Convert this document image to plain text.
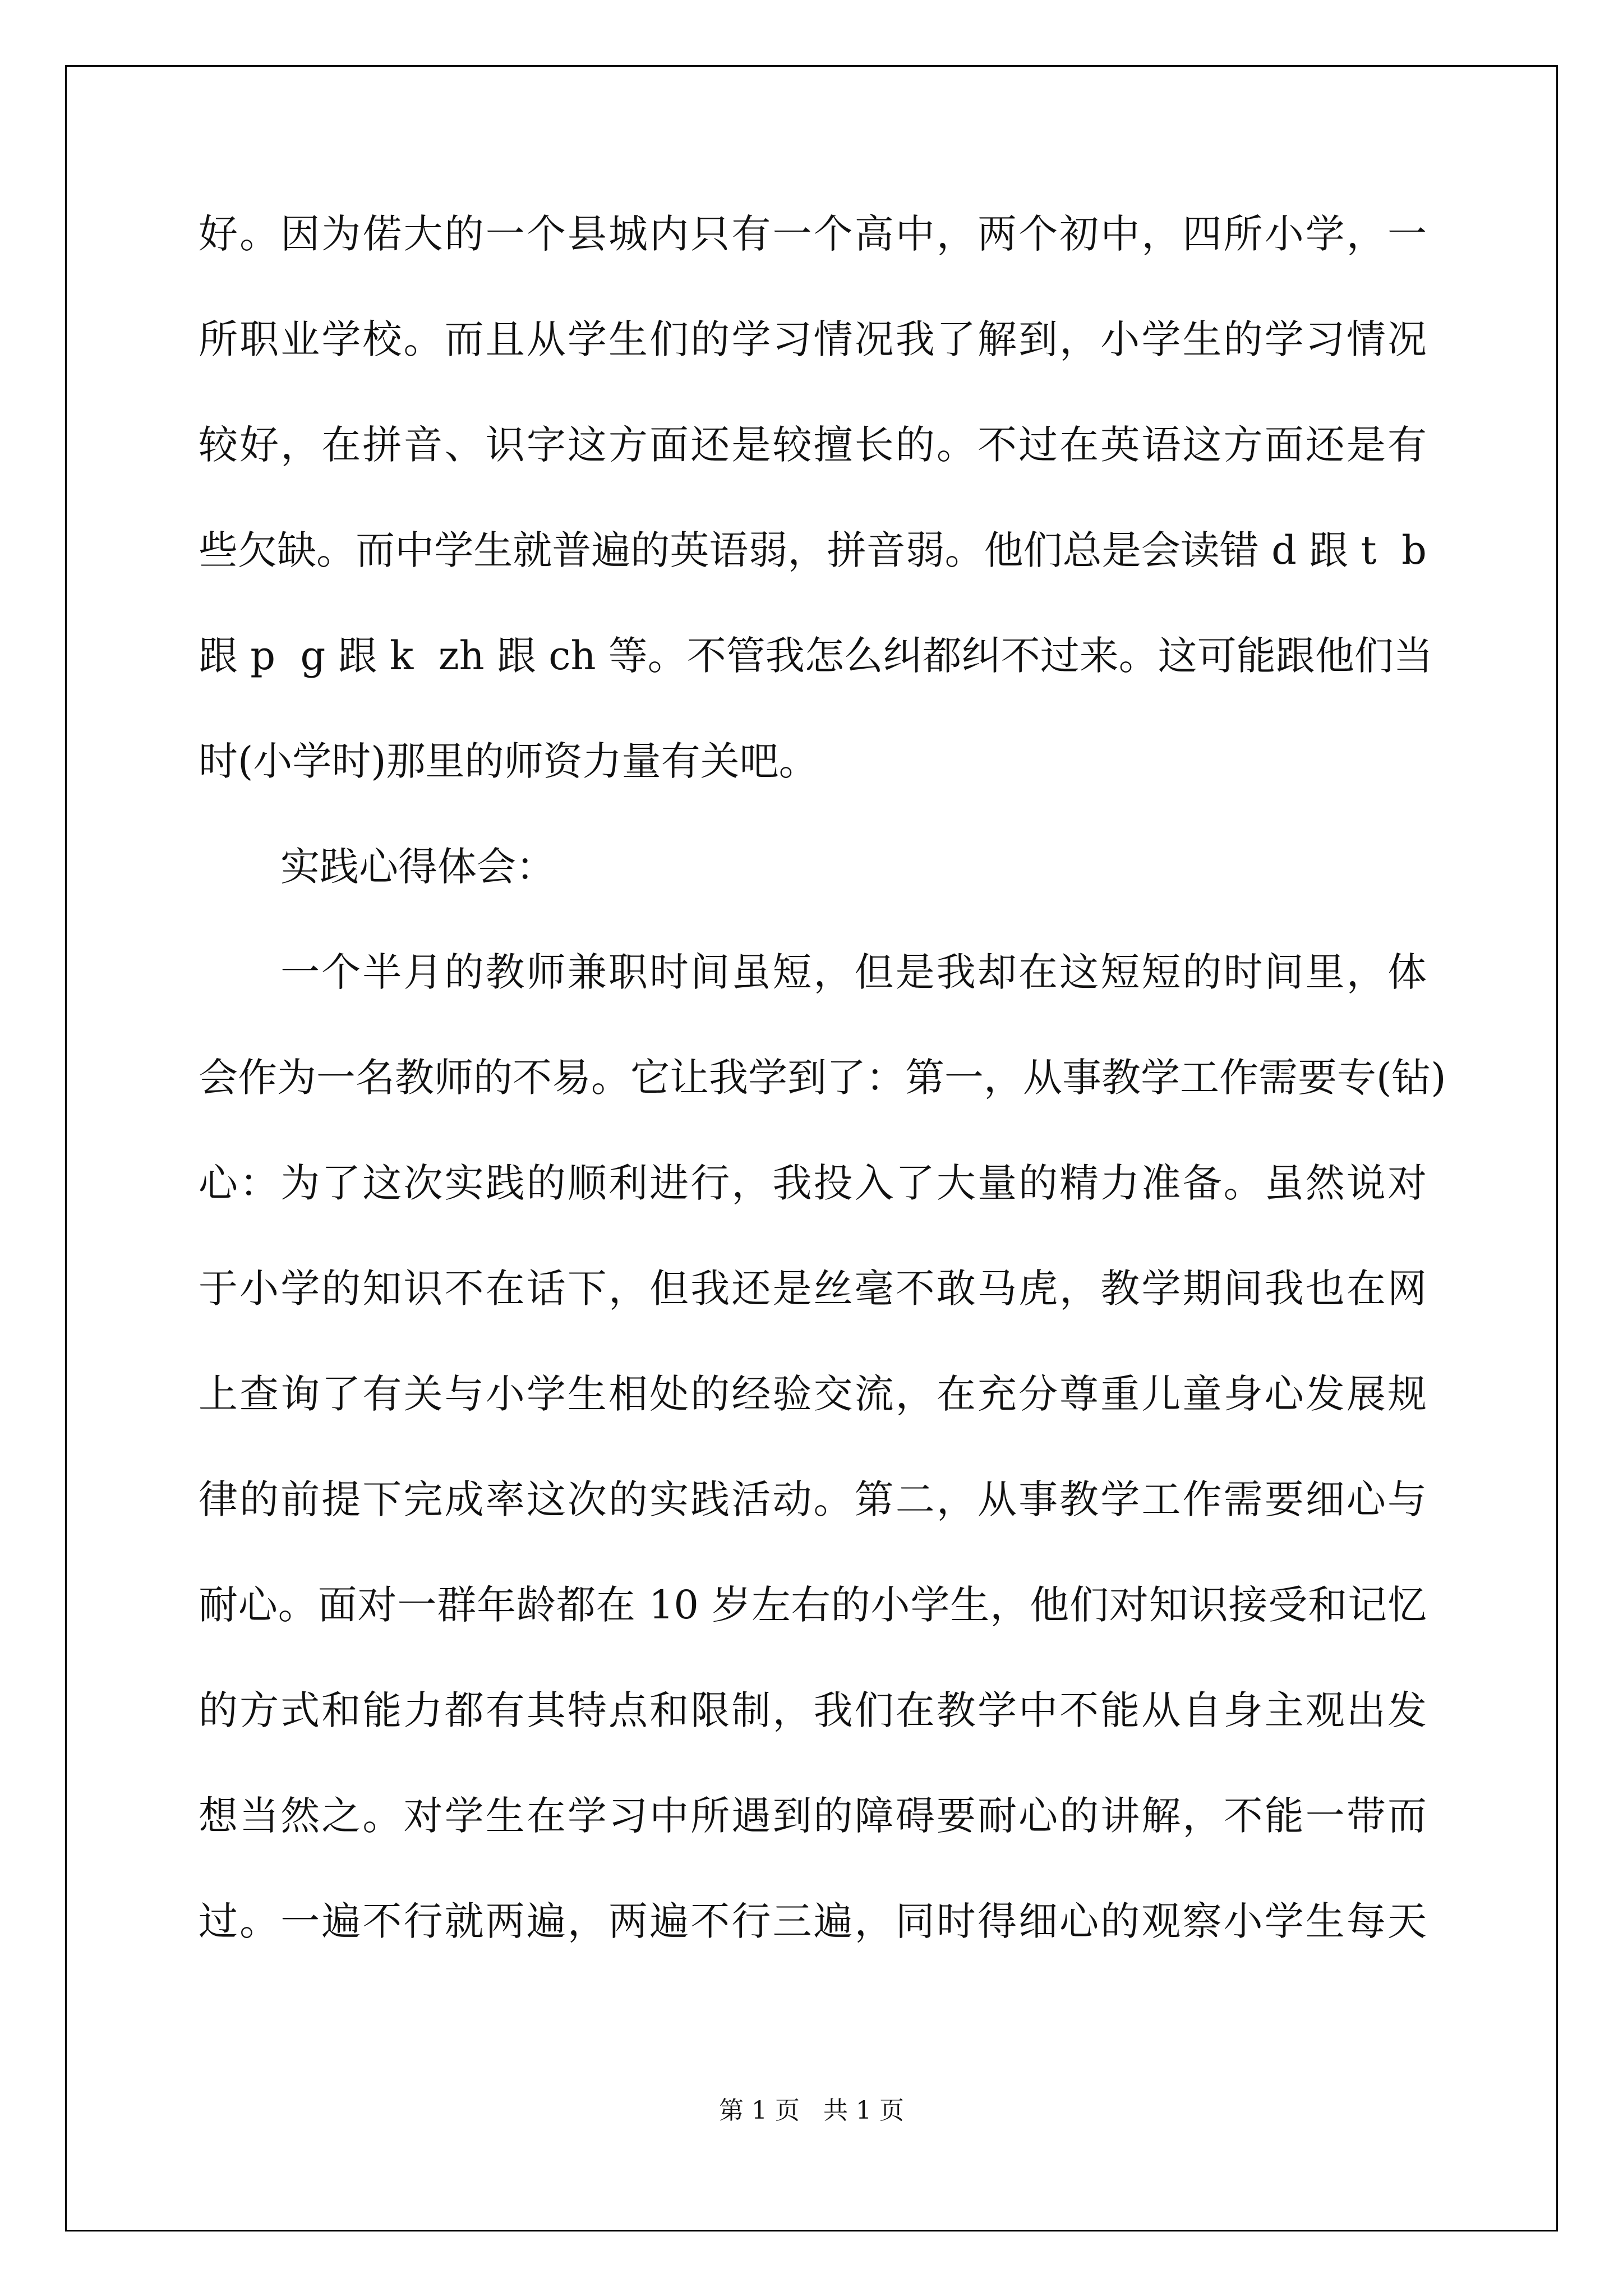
好。因为偌大的一个县城内只有一个高中，两个初中，四所小学，一
所职业学校。而且从学生们的学习情况我了解到，小学生的学习情况
较好，在拼音、识字这方面还是较擅长的。不过在英语这方面还是有
些欠缺。而中学生就普遍的英语弱，拼音弱。他们总是会读错 d 跟 t  b
跟 p  g 跟 k  zh 跟 ch 等。不管我怎么纠都纠不过来。这可能跟他们当
时(小学时)那里的师资力量有关吧。
实践心得体会：
一个半月的教师兼职时间虽短，但是我却在这短短的时间里，体
会作为一名教师的不易。它让我学到了：第一，从事教学工作需要专(钻)
心：为了这次实践的顺利进行，我投入了大量的精力准备。虽然说对
于小学的知识不在话下，但我还是丝毫不敢马虎，教学期间我也在网
上查询了有关与小学生相处的经验交流，在充分尊重儿童身心发展规
律的前提下完成率这次的实践活动。第二，从事教学工作需要细心与
耐心。面对一群年龄都在 10 岁左右的小学生，他们对知识接受和记忆
的方式和能力都有其特点和限制，我们在教学中不能从自身主观出发
想当然之。对学生在学习中所遇到的障碍要耐心的讲解，不能一带而
过。一遍不行就两遍，两遍不行三遍，同时得细心的观察小学生每天
第 1 页   共 1 页
